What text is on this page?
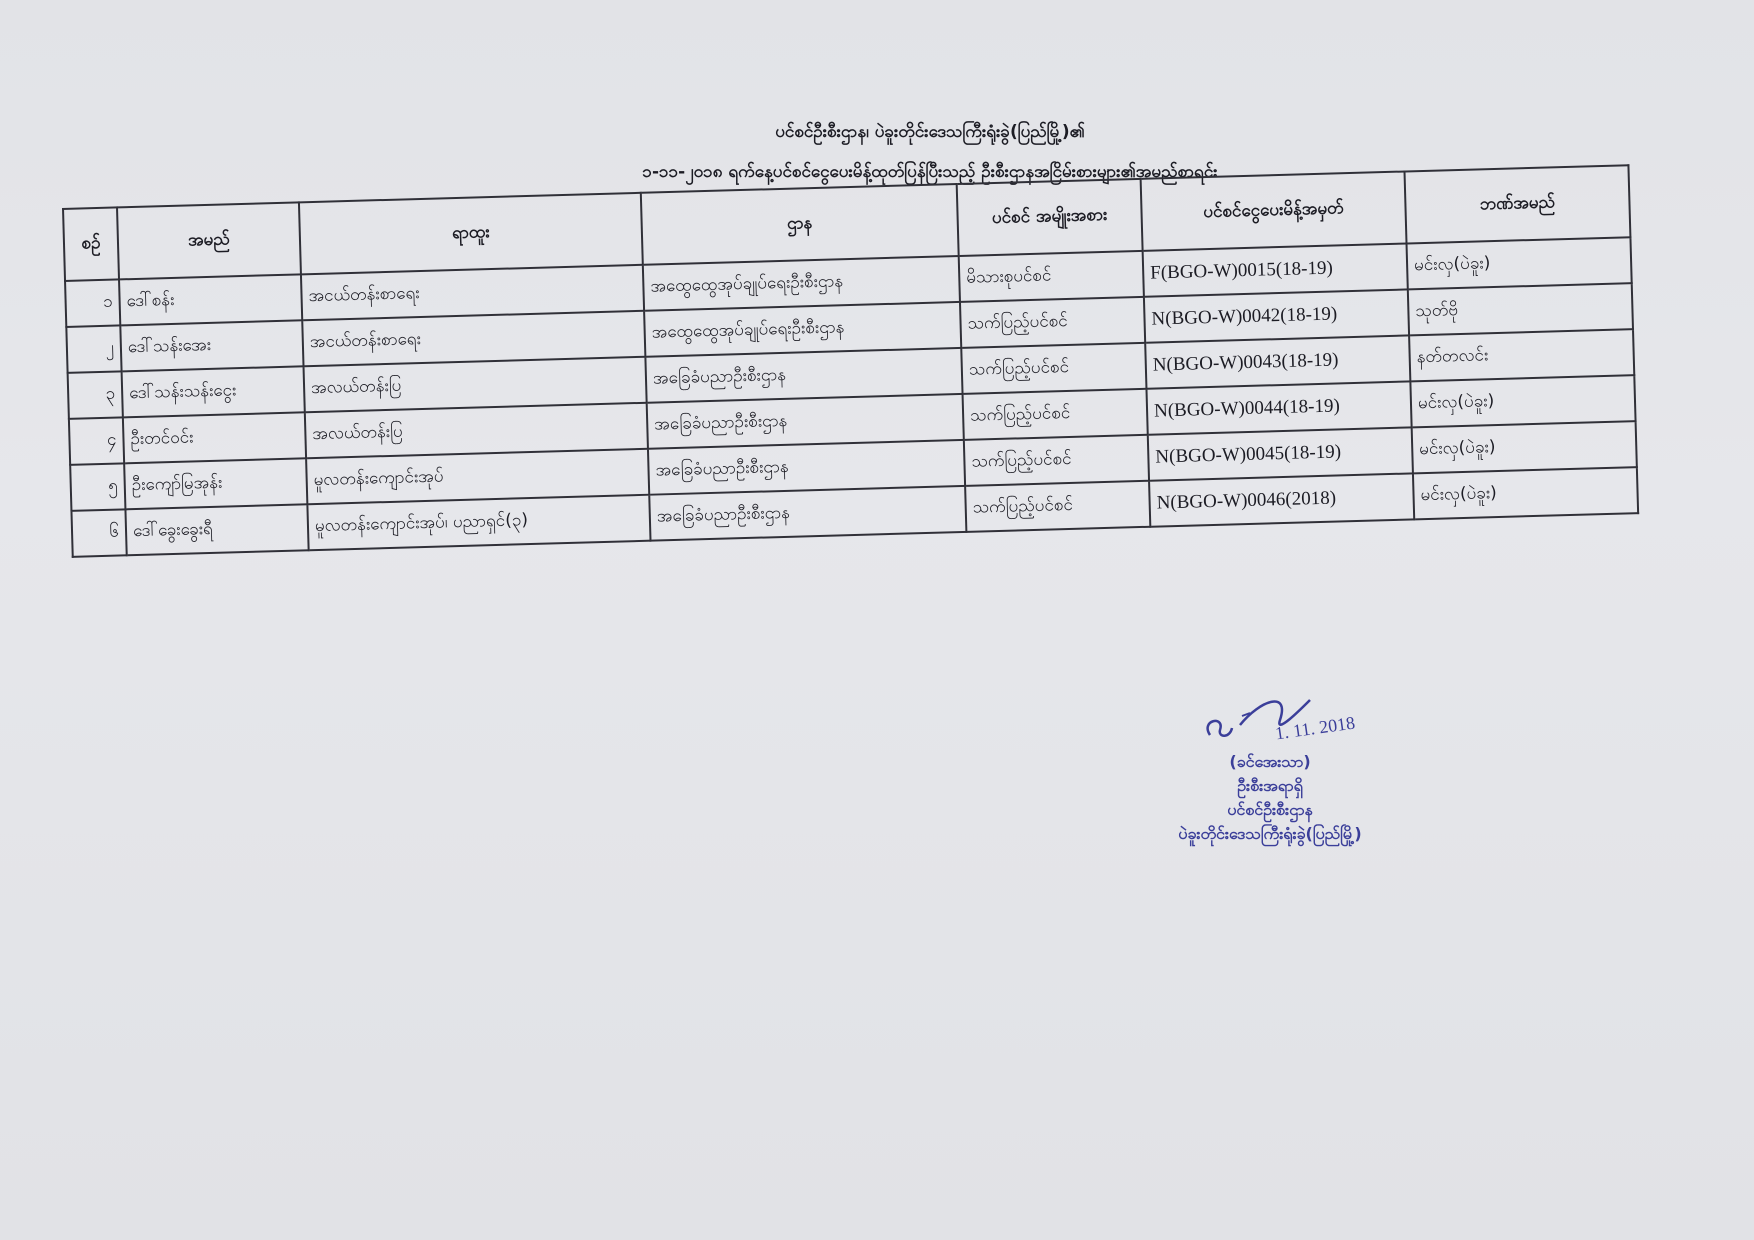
ပင်စင်ဦးစီးဌာန၊ ပဲခူးတိုင်းဒေသကြီးရုံးခွဲ(ပြည်မြို့)၏
၁-၁၁-၂၀၁၈ ရက်နေ့ပင်စင်ငွေပေးမိန့်ထုတ်ပြန်ပြီးသည့် ဦးစီးဌာနအငြိမ်းစားများ၏အမည်စာရင်း
စဉ်	အမည်	ရာထူး	ဌာန	ပင်စင် အမျိုးအစား	ပင်စင်ငွေပေးမိန့်အမှတ်	ဘဏ်အမည်
၁	ဒေါ်စန်း	အငယ်တန်းစာရေး	အထွေထွေအုပ်ချုပ်ရေးဦးစီးဌာန	မိသားစုပင်စင်	F(BGO-W)0015(18-19)	မင်းလှ(ပဲခူး)
၂	ဒေါ်သန်းအေး	အငယ်တန်းစာရေး	အထွေထွေအုပ်ချုပ်ရေးဦးစီးဌာန	သက်ပြည့်ပင်စင်	N(BGO-W)0042(18-19)	သုတ်ဗို
၃	ဒေါ်သန်းသန်းငွေး	အလယ်တန်းပြ	အခြေခံပညာဦးစီးဌာန	သက်ပြည့်ပင်စင်	N(BGO-W)0043(18-19)	နတ်တလင်း
၄	ဦးတင်ဝင်း	အလယ်တန်းပြ	အခြေခံပညာဦးစီးဌာန	သက်ပြည့်ပင်စင်	N(BGO-W)0044(18-19)	မင်းလှ(ပဲခူး)
၅	ဦးကျော်မြအုန်း	မူလတန်းကျောင်းအုပ်	အခြေခံပညာဦးစီးဌာန	သက်ပြည့်ပင်စင်	N(BGO-W)0045(18-19)	မင်းလှ(ပဲခူး)
၆	ဒေါ်ခွေးခွေးရီ	မူလတန်းကျောင်းအုပ်၊ ပညာရှင်(၃)	အခြေခံပညာဦးစီးဌာန	သက်ပြည့်ပင်စင်	N(BGO-W)0046(2018)	မင်းလှ(ပဲခူး)
1. 11. 2018
(ခင်အေးသာ)
ဦးစီးအရာရှိ
ပင်စင်ဦးစီးဌာန
ပဲခူးတိုင်းဒေသကြီးရုံးခွဲ(ပြည်မြို့)
